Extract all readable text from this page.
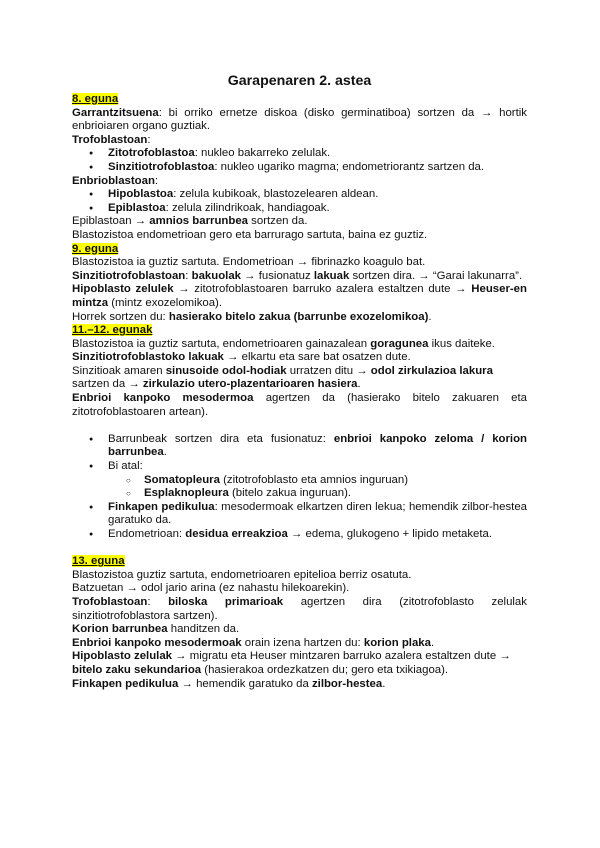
Garapenaren 2. astea

8. eguna

Garrantzitsuena: bi orriko ernetze diskoa (disko germinatiboa) sortzen da → hortik enbrioiaren organo guztiak.

Trofoblastoan:

● Zitotrofoblastoa: nukleo bakarreko zelulak.
● Sinzitiotrofoblastoa: nukleo ugariko magma; endometriorantz sartzen da.

Enbrioblastoan:

● Hipoblastoa: zelula kubikoak, blastozelearen aldean.
● Epiblastoa: zelula zilindrikoak, handiagoak.

Epiblastoan → amnios barrunbea sortzen da.

Blastozistoa endometrioan gero eta barrurago sartuta, baina ez guztiz.

9. eguna

Blastozistoa ia guztiz sartuta. Endometrioan → fibrinazko koagulo bat.

Sinzitiotrofoblastoan: bakuolak → fusionatuz lakuak sortzen dira. → “Garai lakunarra”.

Hipoblasto zelulek → zitotrofoblastoaren barruko azalera estaltzen dute → Heuser-en mintza (mintz exozelomikoa).

Horrek sortzen du: hasierako bitelo zakua (barrunbe exozelomikoa).

11.–12. egunak

Blastozistoa ia guztiz sartuta, endometrioaren gainazalean goragunea ikus daiteke.

Sinzitiotrofoblastoko lakuak → elkartu eta sare bat osatzen dute.

Sinzitioak amaren sinusoide odol-hodiak urratzen ditu → odol zirkulazioa lakura sartzen da → zirkulazio utero-plazentarioaren hasiera.

Enbrioi kanpoko mesodermoa agertzen da (hasierako bitelo zakuaren eta zitotrofoblastoaren artean).

● Barrunbeak sortzen dira eta fusionatuz: enbrioi kanpoko zeloma / korion barrunbea.
● Bi atal:
○ Somatopleura (zitotrofoblasto eta amnios inguruan)
○ Esplaknopleura (bitelo zakua inguruan).
● Finkapen pedikulua: mesodermoak elkartzen diren lekua; hemendik zilbor-hestea garatuko da.
● Endometrioan: desidua erreakzioa → edema, glukogeno + lipido metaketa.

13. eguna

Blastozistoa guztiz sartuta, endometrioaren epitelioa berriz osatuta.

Batzuetan → odol jario arina (ez nahastu hilekoarekin).

Trofoblastoan: biloska primarioak agertzen dira (zitotrofoblasto zelulak sinzitiotrofoblastora sartzen).

Korion barrunbea handitzen da.

Enbrioi kanpoko mesodermoak orain izena hartzen du: korion plaka.

Hipoblasto zelulak → migratu eta Heuser mintzaren barruko azalera estaltzen dute → bitelo zaku sekundarioa (hasierakoa ordezkatzen du; gero eta txikiagoa).

Finkapen pedikulua → hemendik garatuko da zilbor-hestea.
